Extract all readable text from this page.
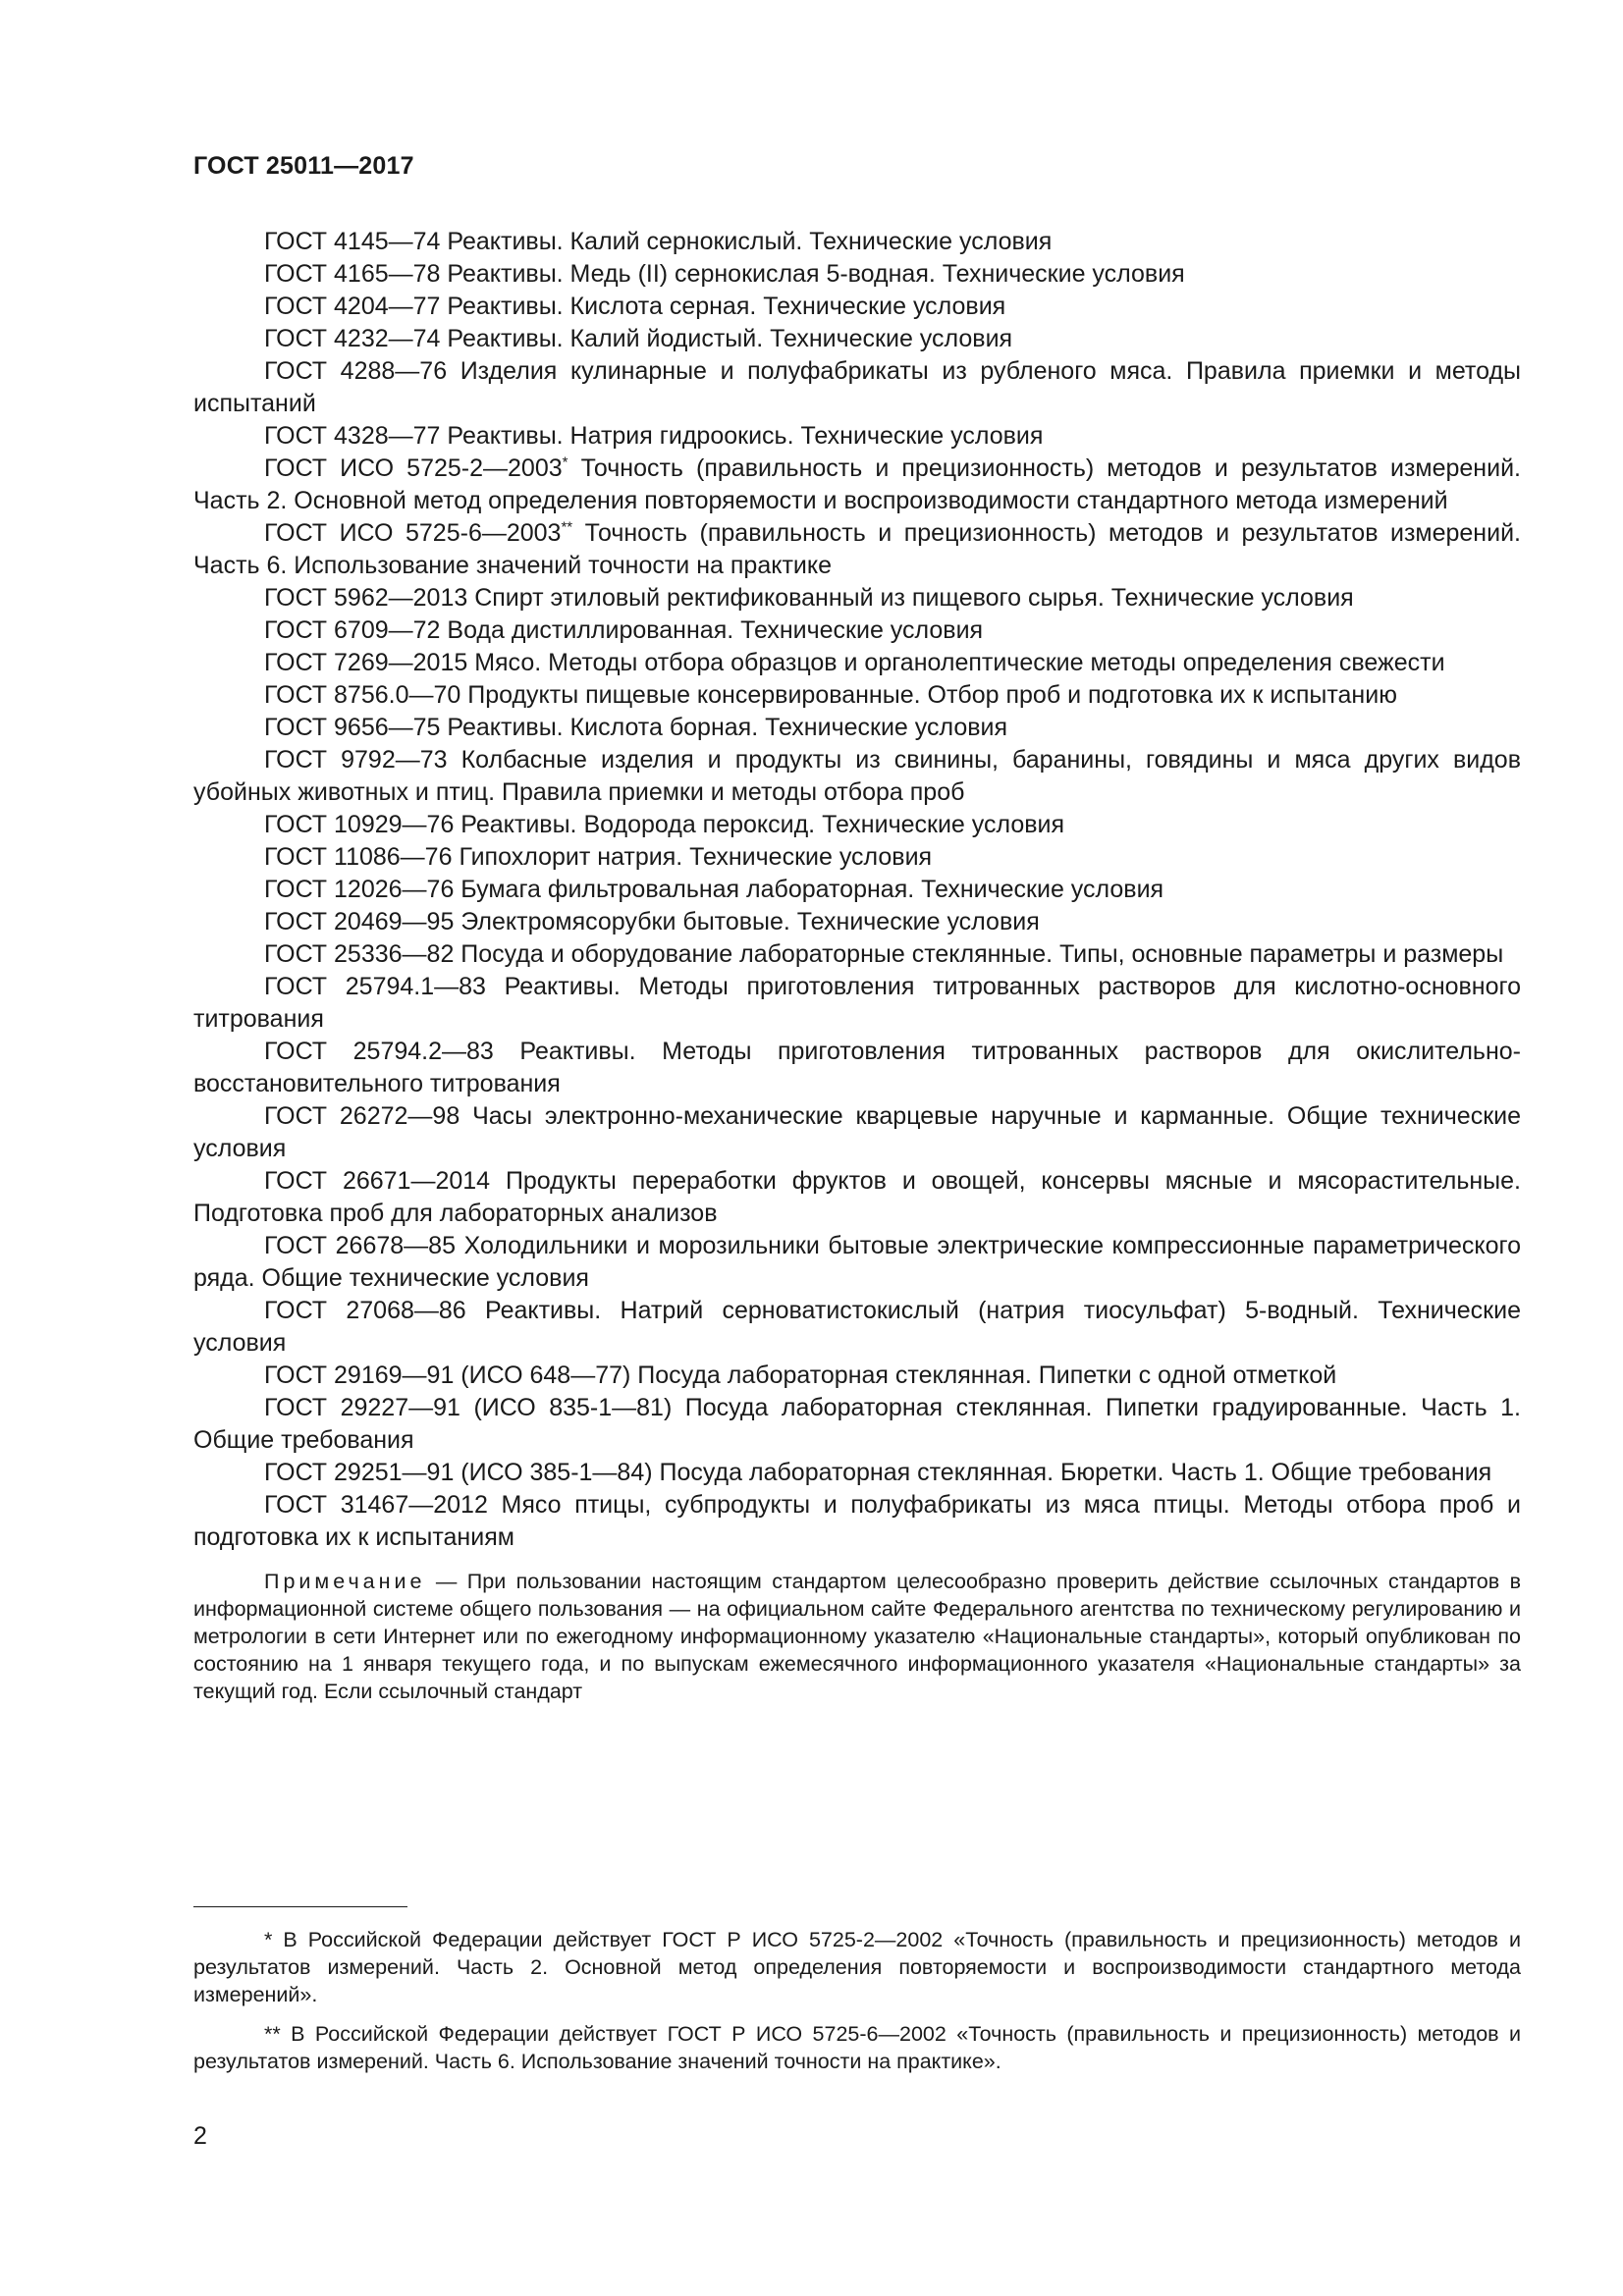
ГОСТ 25011—2017

ГОСТ 4145—74 Реактивы. Калий сернокислый. Технические условия

ГОСТ 4165—78 Реактивы. Медь (II) сернокислая 5-водная. Технические условия

ГОСТ 4204—77 Реактивы. Кислота серная. Технические условия

ГОСТ 4232—74 Реактивы. Калий йодистый. Технические условия

ГОСТ 4288—76 Изделия кулинарные и полуфабрикаты из рубленого мяса. Правила приемки и методы испытаний

ГОСТ 4328—77 Реактивы. Натрия гидроокись. Технические условия

ГОСТ ИСО 5725-2—2003* Точность (правильность и прецизионность) методов и результатов измерений. Часть 2. Основной метод определения повторяемости и воспроизводимости стандартного метода измерений

ГОСТ ИСО 5725-6—2003** Точность (правильность и прецизионность) методов и результатов измерений. Часть 6. Использование значений точности на практике

ГОСТ 5962—2013 Спирт этиловый ректификованный из пищевого сырья. Технические условия

ГОСТ 6709—72 Вода дистиллированная. Технические условия

ГОСТ 7269—2015 Мясо. Методы отбора образцов и органолептические методы определения свежести

ГОСТ 8756.0—70 Продукты пищевые консервированные. Отбор проб и подготовка их к испытанию

ГОСТ 9656—75 Реактивы. Кислота борная. Технические условия

ГОСТ 9792—73 Колбасные изделия и продукты из свинины, баранины, говядины и мяса других видов убойных животных и птиц. Правила приемки и методы отбора проб

ГОСТ 10929—76 Реактивы. Водорода пероксид. Технические условия

ГОСТ 11086—76 Гипохлорит натрия. Технические условия

ГОСТ 12026—76 Бумага фильтровальная лабораторная. Технические условия

ГОСТ 20469—95 Электромясорубки бытовые. Технические условия

ГОСТ 25336—82 Посуда и оборудование лабораторные стеклянные. Типы, основные параметры и размеры

ГОСТ 25794.1—83 Реактивы. Методы приготовления титрованных растворов для кислотно-основного титрования

ГОСТ 25794.2—83 Реактивы. Методы приготовления титрованных растворов для окислительно-восстановительного титрования

ГОСТ 26272—98 Часы электронно-механические кварцевые наручные и карманные. Общие технические условия

ГОСТ 26671—2014 Продукты переработки фруктов и овощей, консервы мясные и мясорастительные. Подготовка проб для лабораторных анализов

ГОСТ 26678—85 Холодильники и морозильники бытовые электрические компрессионные параметрического ряда. Общие технические условия

ГОСТ 27068—86 Реактивы. Натрий серноватистокислый (натрия тиосульфат) 5-водный. Технические условия

ГОСТ 29169—91 (ИСО 648—77) Посуда лабораторная стеклянная. Пипетки с одной отметкой

ГОСТ 29227—91 (ИСО 835-1—81) Посуда лабораторная стеклянная. Пипетки градуированные. Часть 1. Общие требования

ГОСТ 29251—91 (ИСО 385-1—84) Посуда лабораторная стеклянная. Бюретки. Часть 1. Общие требования

ГОСТ 31467—2012 Мясо птицы, субпродукты и полуфабрикаты из мяса птицы. Методы отбора проб и подготовка их к испытаниям

Примечание — При пользовании настоящим стандартом целесообразно проверить действие ссылочных стандартов в информационной системе общего пользования — на официальном сайте Федерального агентства по техническому регулированию и метрологии в сети Интернет или по ежегодному информационному указателю «Национальные стандарты», который опубликован по состоянию на 1 января текущего года, и по выпускам ежемесячного информационного указателя «Национальные стандарты» за текущий год. Если ссылочный стандарт

* В Российской Федерации действует ГОСТ Р ИСО 5725-2—2002 «Точность (правильность и прецизионность) методов и результатов измерений. Часть 2. Основной метод определения повторяемости и воспроизводимости стандартного метода измерений».

** В Российской Федерации действует ГОСТ Р ИСО 5725-6—2002 «Точность (правильность и прецизионность) методов и результатов измерений. Часть 6. Использование значений точности на практике».

2
